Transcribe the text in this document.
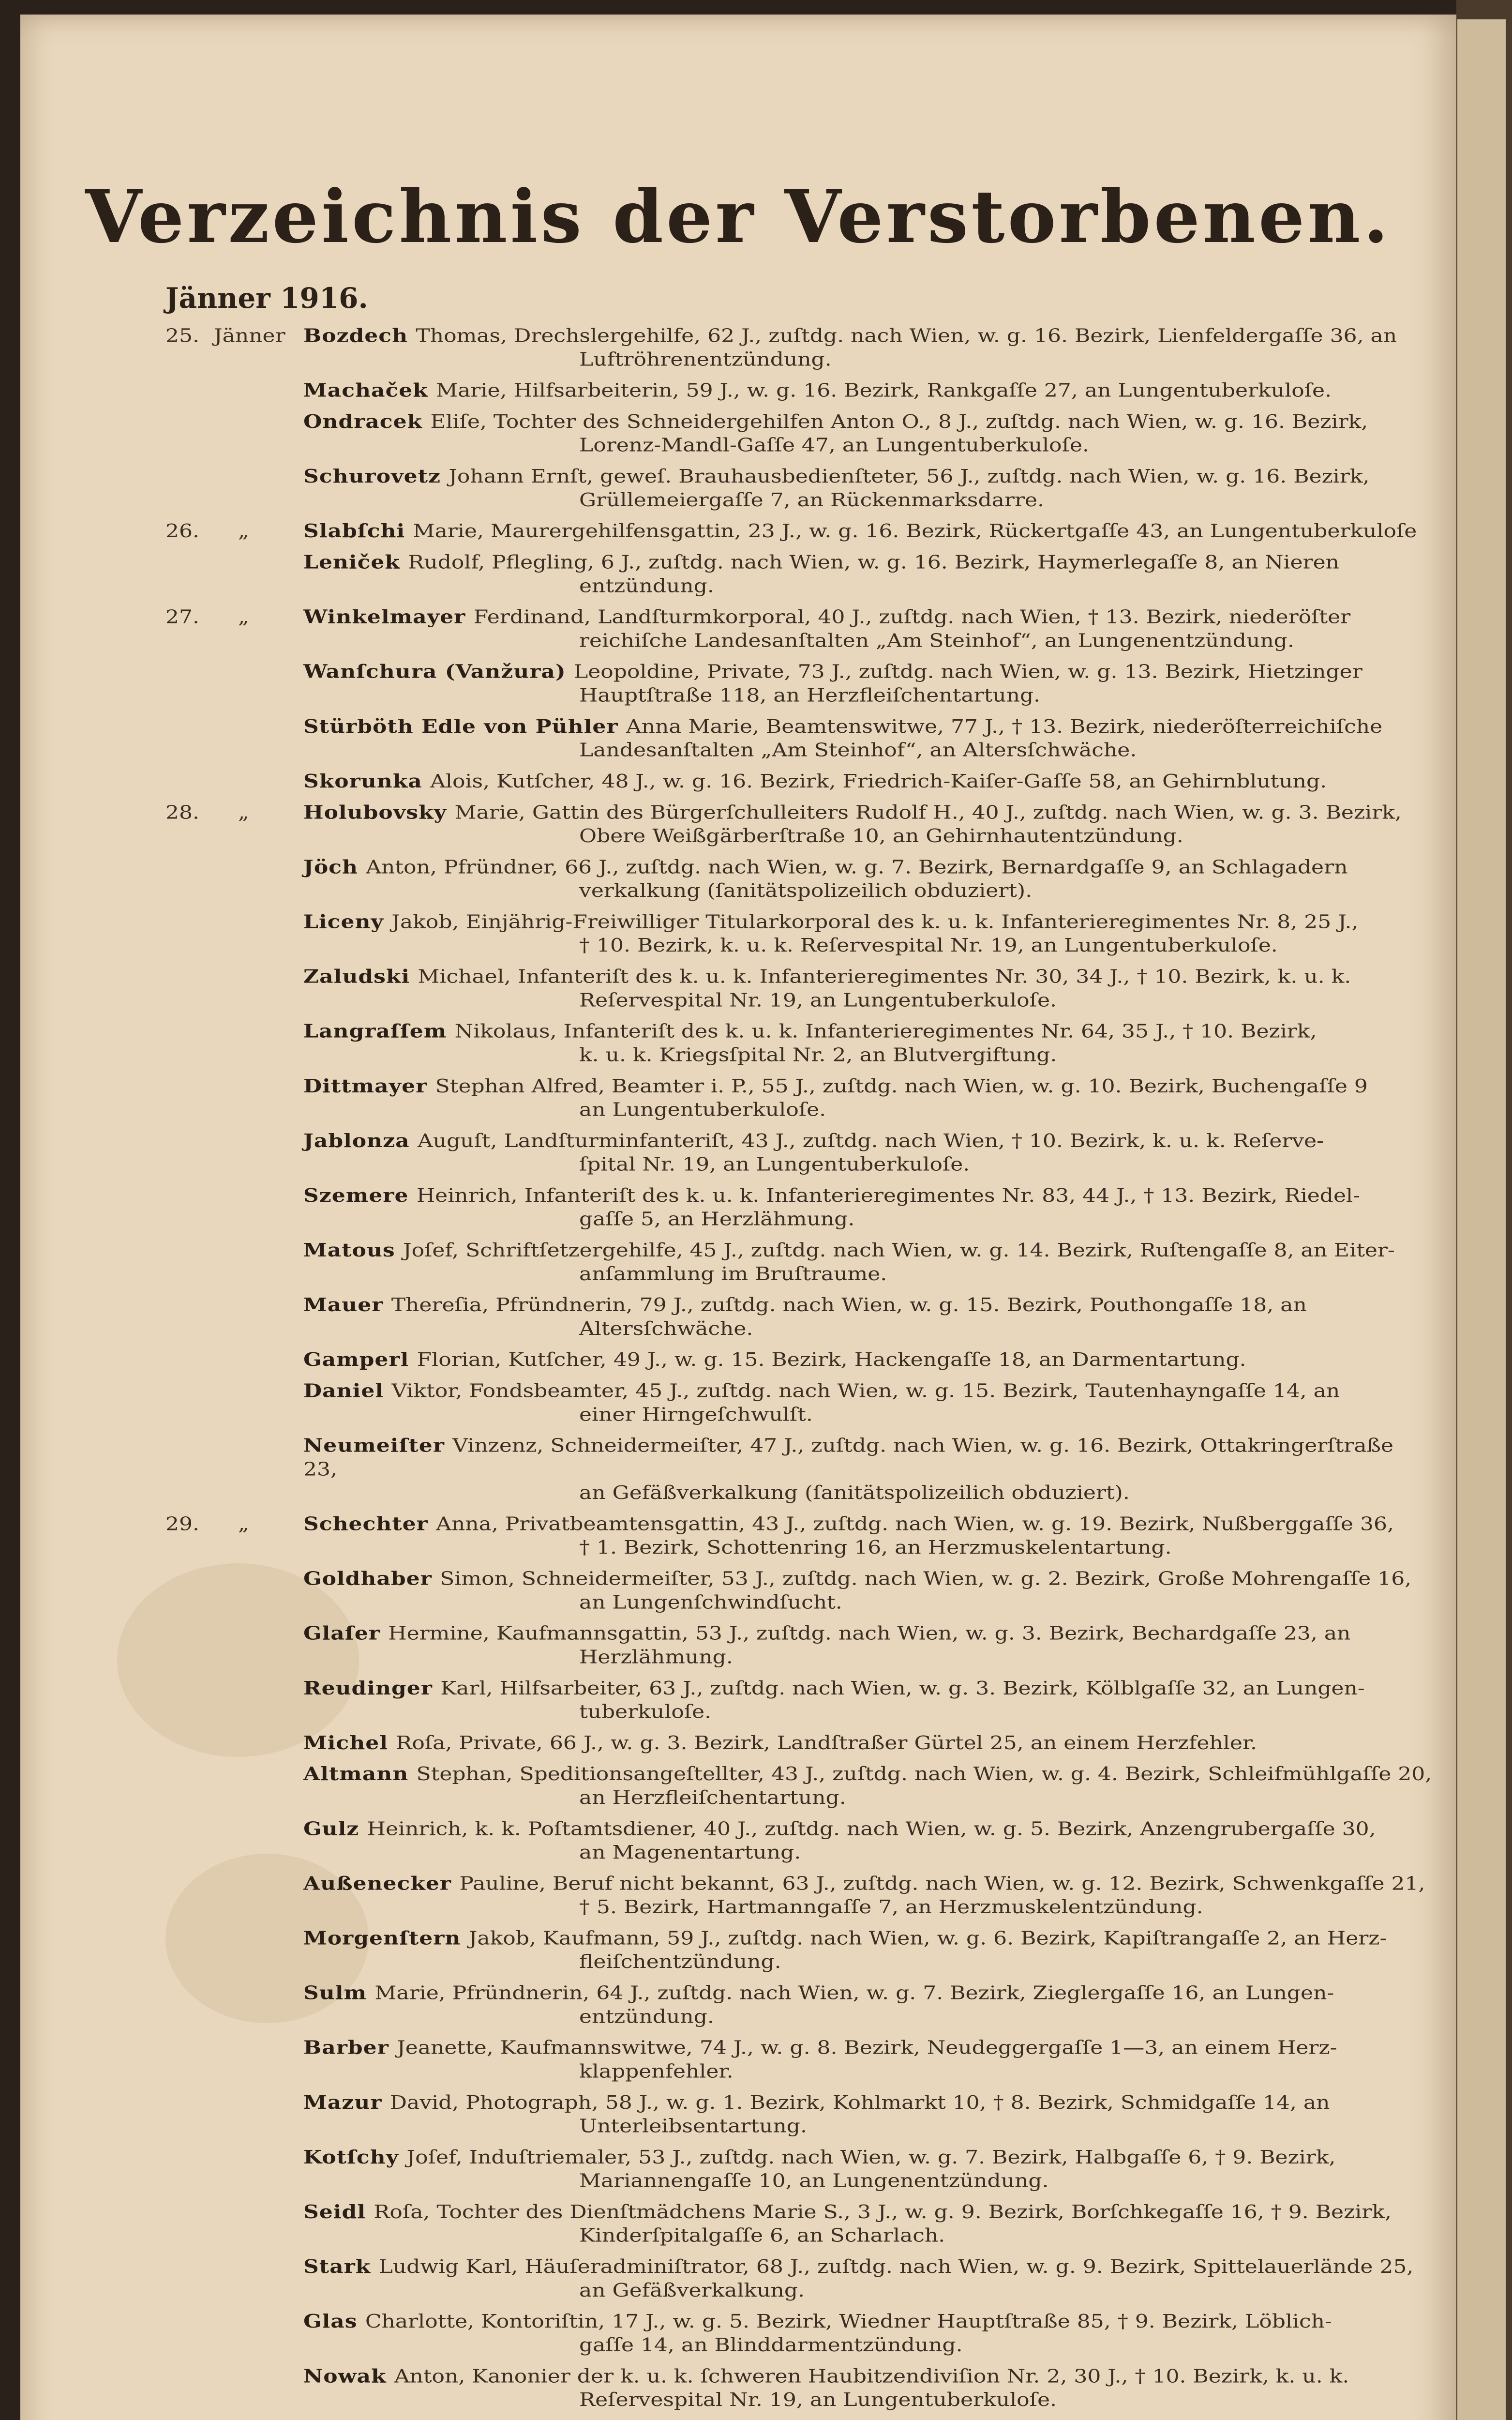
Verzeichnis der Verstorbenen.
Jänner 1916.
25. Jänner Bozdech Thomas, Drechslergehilfe, 62 J., zuſtdg. nach Wien, w. g. 16. Bezirk, Lienfeldergaſſe 36, an
Luftröhrenentzündung.
Machaček Marie, Hilfsarbeiterin, 59 J., w. g. 16. Bezirk, Rankgaſſe 27, an Lungentuberkuloſe.
Ondracek Eliſe, Tochter des Schneidergehilfen Anton O., 8 J., zuſtdg. nach Wien, w. g. 16. Bezirk,
Lorenz-Mandl-Gaſſe 47, an Lungentuberkuloſe.
Schurovetz Johann Ernſt, geweſ. Brauhausbedienſteter, 56 J., zuſtdg. nach Wien, w. g. 16. Bezirk,
Grüllemeiergaſſe 7, an Rückenmarksdarre.
26. „	Slabſchi Marie, Maurergehilfensgattin, 23 J., w. g. 16. Bezirk, Rückertgaſſe 43, an Lungentuberkuloſe
Leniček Rudolf, Pflegling, 6 J., zuſtdg. nach Wien, w. g. 16. Bezirk, Haymerlegaſſe 8, an Nieren
entzündung.
27. „	Winkelmayer Ferdinand, Landſturmkorporal, 40 J., zuſtdg. nach Wien, † 13. Bezirk, niederöſter
reichiſche Landesanſtalten „Am Steinhof“, an Lungenentzündung.
Wanſchura (Vanžura) Leopoldine, Private, 73 J., zuſtdg. nach Wien, w. g. 13. Bezirk, Hietzinger
Hauptſtraße 118, an Herzfleiſchentartung.
Stürböth Edle von Pühler Anna Marie, Beamtenswitwe, 77 J., † 13. Bezirk, niederöſterreichiſche
Landesanſtalten „Am Steinhof“, an Altersſchwäche.
Skorunka Alois, Kutſcher, 48 J., w. g. 16. Bezirk, Friedrich-Kaiſer-Gaſſe 58, an Gehirnblutung.
28. „	Holubovsky Marie, Gattin des Bürgerſchulleiters Rudolf H., 40 J., zuſtdg. nach Wien, w. g. 3. Bezirk,
Obere Weißgärberſtraße 10, an Gehirnhautentzündung.
Jöch Anton, Pfründner, 66 J., zuſtdg. nach Wien, w. g. 7. Bezirk, Bernardgaſſe 9, an Schlagadern
verkalkung (ſanitätspolizeilich obduziert).
Liceny Jakob, Einjährig-Freiwilliger Titularkorporal des k. u. k. Infanterieregimentes Nr. 8, 25 J.,
† 10. Bezirk, k. u. k. Reſervespital Nr. 19, an Lungentuberkuloſe.
Zaludski Michael, Infanteriſt des k. u. k. Infanterieregimentes Nr. 30, 34 J., † 10. Bezirk, k. u. k.
Reſervespital Nr. 19, an Lungentuberkuloſe.
Langraſſem Nikolaus, Infanteriſt des k. u. k. Infanterieregimentes Nr. 64, 35 J., † 10. Bezirk,
k. u. k. Kriegsſpital Nr. 2, an Blutvergiftung.
Dittmayer Stephan Alfred, Beamter i. P., 55 J., zuſtdg. nach Wien, w. g. 10. Bezirk, Buchengaſſe 9
an Lungentuberkuloſe.
Jablonza Auguſt, Landſturminfanteriſt, 43 J., zuſtdg. nach Wien, † 10. Bezirk, k. u. k. Reſerve-
ſpital Nr. 19, an Lungentuberkuloſe.
Szemere Heinrich, Infanteriſt des k. u. k. Infanterieregimentes Nr. 83, 44 J., † 13. Bezirk, Riedel-
gaſſe 5, an Herzlähmung.
Matous Joſef, Schriftſetzergehilfe, 45 J., zuſtdg. nach Wien, w. g. 14. Bezirk, Ruſtengaſſe 8, an Eiter-
anſammlung im Bruſtraume.
Mauer Thereſia, Pfründnerin, 79 J., zuſtdg. nach Wien, w. g. 15. Bezirk, Pouthongaſſe 18, an
Altersſchwäche.
Gamperl Florian, Kutſcher, 49 J., w. g. 15. Bezirk, Hackengaſſe 18, an Darmentartung.
Daniel Viktor, Fondsbeamter, 45 J., zuſtdg. nach Wien, w. g. 15. Bezirk, Tautenhayngaſſe 14, an
einer Hirngeſchwulſt.
Neumeiſter Vinzenz, Schneidermeiſter, 47 J., zuſtdg. nach Wien, w. g. 16. Bezirk, Ottakringerſtraße 23,
an Gefäßverkalkung (ſanitätspolizeilich obduziert).
29. „	Schechter Anna, Privatbeamtensgattin, 43 J., zuſtdg. nach Wien, w. g. 19. Bezirk, Nußberggaſſe 36,
† 1. Bezirk, Schottenring 16, an Herzmuskelentartung.
Goldhaber Simon, Schneidermeiſter, 53 J., zuſtdg. nach Wien, w. g. 2. Bezirk, Große Mohrengaſſe 16,
an Lungenſchwindſucht.
Glaſer Hermine, Kaufmannsgattin, 53 J., zuſtdg. nach Wien, w. g. 3. Bezirk, Bechardgaſſe 23, an
Herzlähmung.
Reudinger Karl, Hilfsarbeiter, 63 J., zuſtdg. nach Wien, w. g. 3. Bezirk, Kölblgaſſe 32, an Lungen-
tuberkuloſe.
Michel Roſa, Private, 66 J., w. g. 3. Bezirk, Landſtraßer Gürtel 25, an einem Herzfehler.
Altmann Stephan, Speditionsangeſtellter, 43 J., zuſtdg. nach Wien, w. g. 4. Bezirk, Schleifmühlgaſſe 20,
an Herzfleiſchentartung.
Gulz Heinrich, k. k. Poſtamtsdiener, 40 J., zuſtdg. nach Wien, w. g. 5. Bezirk, Anzengrubergaſſe 30,
an Magenentartung.
Außenecker Pauline, Beruf nicht bekannt, 63 J., zuſtdg. nach Wien, w. g. 12. Bezirk, Schwenkgaſſe 21,
† 5. Bezirk, Hartmanngaſſe 7, an Herzmuskelentzündung.
Morgenſtern Jakob, Kaufmann, 59 J., zuſtdg. nach Wien, w. g. 6. Bezirk, Kapiſtrangaſſe 2, an Herz-
fleiſchentzündung.
Sulm Marie, Pfründnerin, 64 J., zuſtdg. nach Wien, w. g. 7. Bezirk, Zieglergaſſe 16, an Lungen-
entzündung.
Barber Jeanette, Kaufmannswitwe, 74 J., w. g. 8. Bezirk, Neudeggergaſſe 1—3, an einem Herz-
klappenfehler.
Mazur David, Photograph, 58 J., w. g. 1. Bezirk, Kohlmarkt 10, † 8. Bezirk, Schmidgaſſe 14, an
Unterleibsentartung.
Kotſchy Joſef, Induſtriemaler, 53 J., zuſtdg. nach Wien, w. g. 7. Bezirk, Halbgaſſe 6, † 9. Bezirk,
Mariannengaſſe 10, an Lungenentzündung.
Seidl Roſa, Tochter des Dienſtmädchens Marie S., 3 J., w. g. 9. Bezirk, Borſchkegaſſe 16, † 9. Bezirk,
Kinderſpitalgaſſe 6, an Scharlach.
Stark Ludwig Karl, Häuſeradminiſtrator, 68 J., zuſtdg. nach Wien, w. g. 9. Bezirk, Spittelauerlände 25,
an Gefäßverkalkung.
Glas Charlotte, Kontoriſtin, 17 J., w. g. 5. Bezirk, Wiedner Hauptſtraße 85, † 9. Bezirk, Löblich-
gaſſe 14, an Blinddarmentzündung.
Nowak Anton, Kanonier der k. u. k. ſchweren Haubitzendiviſion Nr. 2, 30 J., † 10. Bezirk, k. u. k.
Reſervespital Nr. 19, an Lungentuberkuloſe.
